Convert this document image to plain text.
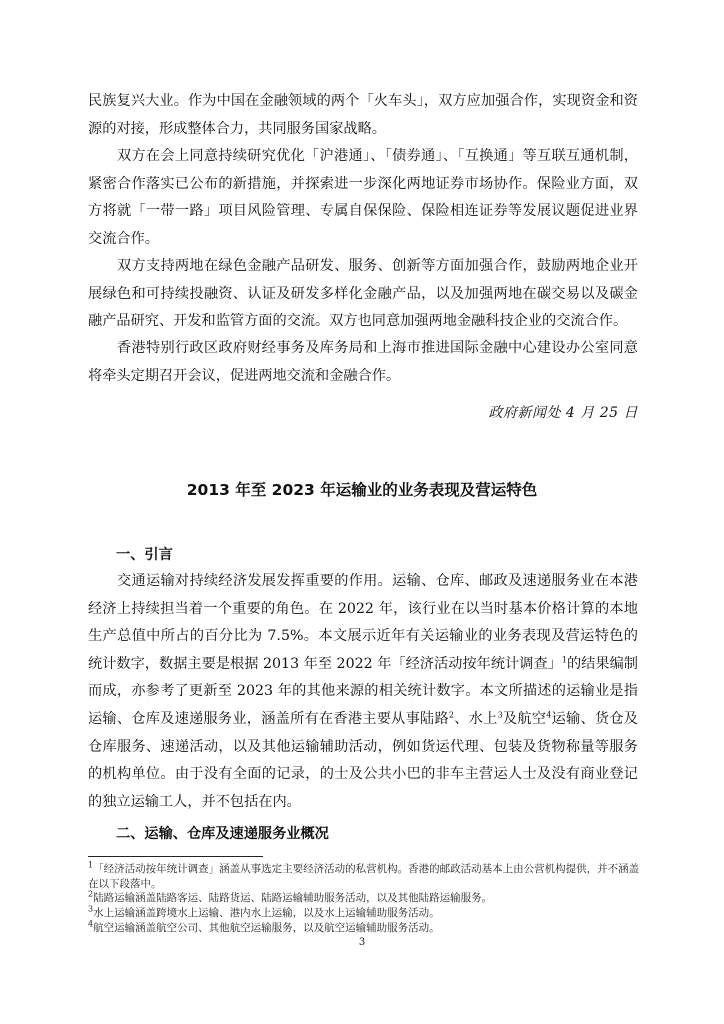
民族复兴大业。作为中国在金融领域的两个「火车头」，双方应加强合作，实现资金和资源的对接，形成整体合力，共同服务国家战略。

双方在会上同意持续研究优化「沪港通」、「债券通」、「互换通」等互联互通机制，紧密合作落实已公布的新措施，并探索进一步深化两地证券市场协作。保险业方面，双方将就「一带一路」项目风险管理、专属自保保险、保险相连证券等发展议题促进业界交流合作。

双方支持两地在绿色金融产品研发、服务、创新等方面加强合作，鼓励两地企业开展绿色和可持续投融资、认证及研发多样化金融产品，以及加强两地在碳交易以及碳金融产品研究、开发和监管方面的交流。双方也同意加强两地金融科技企业的交流合作。

香港特别行政区政府财经事务及库务局和上海市推进国际金融中心建设办公室同意将牵头定期召开会议，促进两地交流和金融合作。

政府新闻处 4 月 25 日
2013 年至 2023 年运输业的业务表现及营运特色
一、引言

交通运输对持续经济发展发挥重要的作用。运输、仓库、邮政及速递服务业在本港经济上持续担当着一个重要的角色。在 2022 年，该行业在以当时基本价格计算的本地生产总值中所占的百分比为 7.5%。本文展示近年有关运输业的业务表现及营运特色的统计数字，数据主要是根据 2013 年至 2022 年「经济活动按年统计调查」$^1$的结果编制而成，亦参考了更新至 2023 年的其他来源的相关统计数字。本文所描述的运输业是指运输、仓库及速递服务业，涵盖所有在香港主要从事陆路$^2$、水上$^3$及航空$^4$运输、货仓及仓库服务、速递活动，以及其他运输辅助活动，例如货运代理、包装及货物称量等服务的机构单位。由于没有全面的记录，的士及公共小巴的非车主营运人士及没有商业登记的独立运输工人，并不包括在内。

二、运输、仓库及速递服务业概况

$^1$「经济活动按年统计调查」涵盖从事选定主要经济活动的私营机构。香港的邮政活动基本上由公营机构提供，并不涵盖在以下段落中。

$^2$陆路运输涵盖陆路客运、陆路货运、陆路运输辅助服务活动，以及其他陆路运输服务。

$^3$水上运输涵盖跨境水上运输、港内水上运输，以及水上运输辅助服务活动。

$^4$航空运输涵盖航空公司、其他航空运输服务，以及航空运输辅助服务活动。

3
